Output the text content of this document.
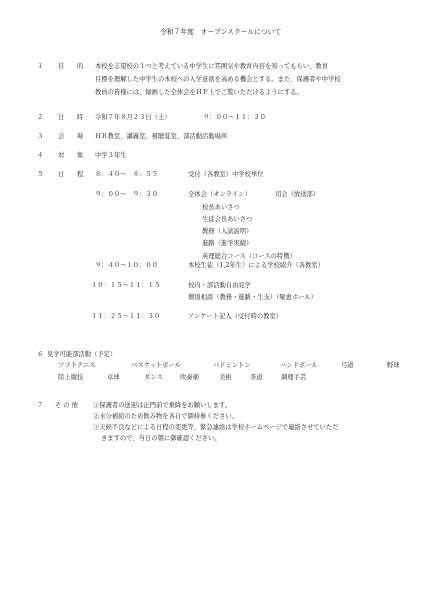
令和７年度　オープンスクールについて
１ 目　　的 本校を志望校の１つと考えている中学生に雰囲気や教育内容を知ってもらい、教育
目標を理解した中学生の本校への入学意欲を高める機会とする。また、保護者や中学校
教員の皆様には、録画した全体会をＨＰ上でご覧いただけるようにする。
２ 日　　時 令和７年８月２３日（土）	９：００～１１：３０
３ 会　　場 ＨＲ教室、講義室、視聴覚室、部活動活動場所
４ 対　　象 中学３年生
５ 日　　程 ８：４０～　８：５５	受付（各教室）中学校単位
９：００～　９：３０	全体会（オンライン）	司会（放送部）
校長あいさつ
生徒会長あいさつ
教務（入試説明）
進路（進学実績）
英理総合コース（コースの特徴）
９：４０～１０：００	本校生徒（1,2年生）による学校紹介（各教室）
１０：１５～１１：１５	校内・部活動自由見学
個別相談（教務・進路・生支）（聚恵ホール）
１１：２５～１１：３０	アンケート記入（受付時の教室）
６ 見学可能部活動（予定）
ソフトテニス	バスケットボール	バドミントン	ハンドボール	弓道	野球
陸上競技	卓球	ダンス	吹奏楽	美術	茶道	調理手芸
７ そ の 他 ①保護者の送迎は正門前で乗降をお願いします。
②水分補給のため飲み物を各自で御持参ください。
③天候不良などによる日程の変更等、緊急連絡は学校ホームページで連絡させていただ
きますので、当日の朝に御確認ください。
